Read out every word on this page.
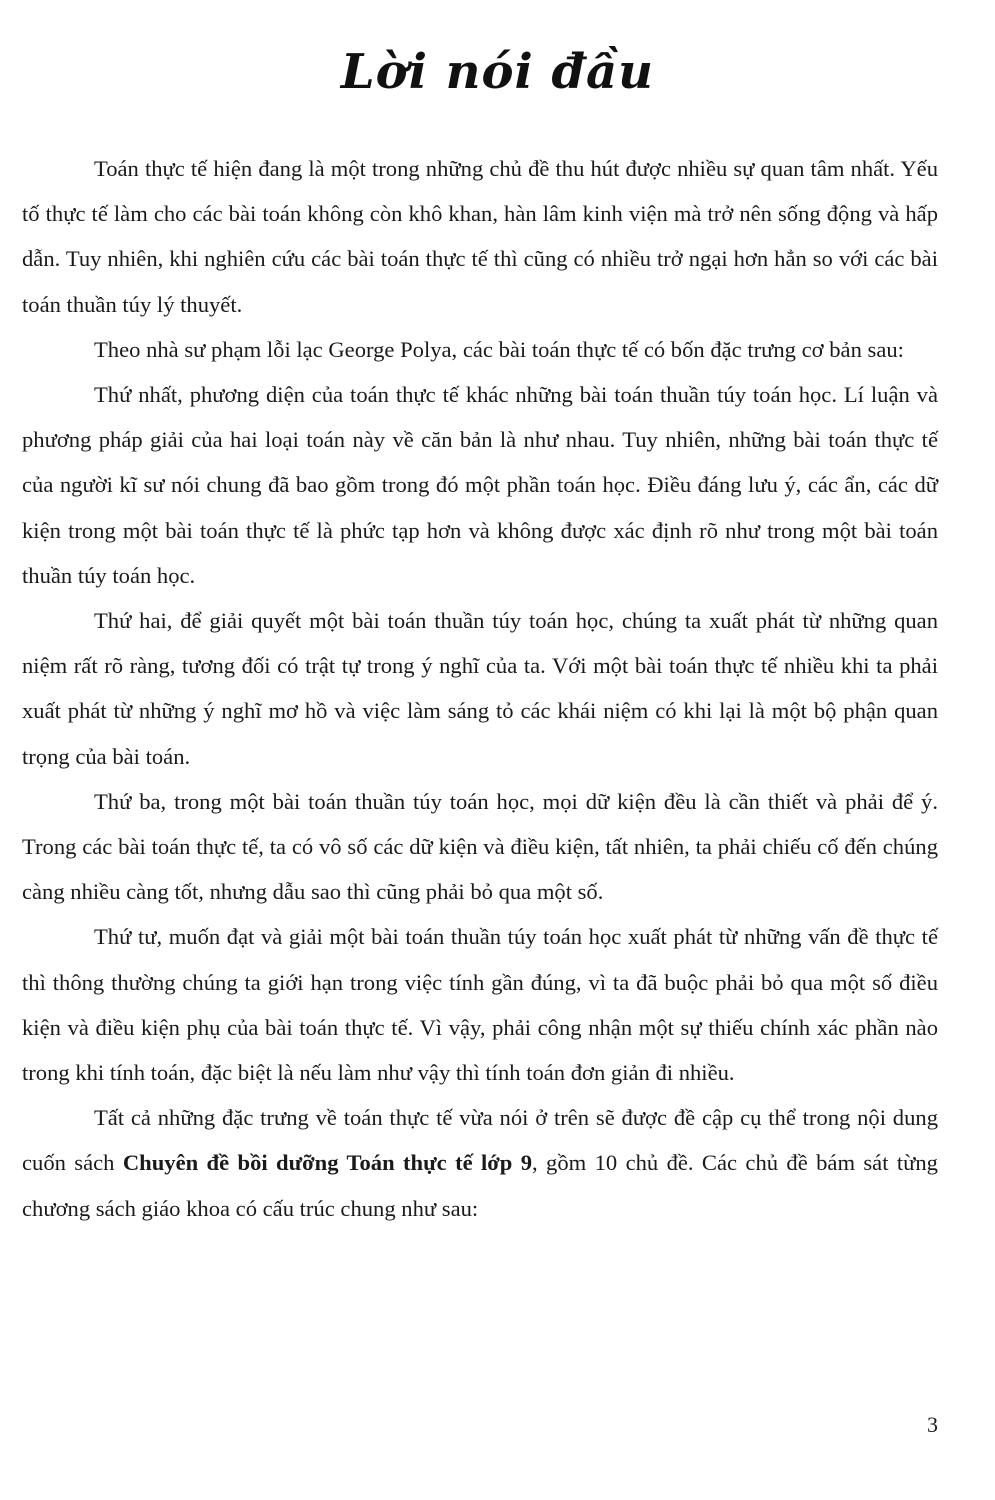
Lời nói đầu

Toán thực tế hiện đang là một trong những chủ đề thu hút được nhiều sự quan tâm nhất. Yếu tố thực tế làm cho các bài toán không còn khô khan, hàn lâm kinh viện mà trở nên sống động và hấp dẫn. Tuy nhiên, khi nghiên cứu các bài toán thực tế thì cũng có nhiều trở ngại hơn hẳn so với các bài toán thuần túy lý thuyết.

Theo nhà sư phạm lỗi lạc George Polya, các bài toán thực tế có bốn đặc trưng cơ bản sau:

Thứ nhất, phương diện của toán thực tế khác những bài toán thuần túy toán học. Lí luận và phương pháp giải của hai loại toán này về căn bản là như nhau. Tuy nhiên, những bài toán thực tế của người kĩ sư nói chung đã bao gồm trong đó một phần toán học. Điều đáng lưu ý, các ẩn, các dữ kiện trong một bài toán thực tế là phức tạp hơn và không được xác định rõ như trong một bài toán thuần túy toán học.

Thứ hai, để giải quyết một bài toán thuần túy toán học, chúng ta xuất phát từ những quan niệm rất rõ ràng, tương đối có trật tự trong ý nghĩ của ta. Với một bài toán thực tế nhiều khi ta phải xuất phát từ những ý nghĩ mơ hồ và việc làm sáng tỏ các khái niệm có khi lại là một bộ phận quan trọng của bài toán.

Thứ ba, trong một bài toán thuần túy toán học, mọi dữ kiện đều là cần thiết và phải để ý. Trong các bài toán thực tế, ta có vô số các dữ kiện và điều kiện, tất nhiên, ta phải chiếu cố đến chúng càng nhiều càng tốt, nhưng dẫu sao thì cũng phải bỏ qua một số.

Thứ tư, muốn đạt và giải một bài toán thuần túy toán học xuất phát từ những vấn đề thực tế thì thông thường chúng ta giới hạn trong việc tính gần đúng, vì ta đã buộc phải bỏ qua một số điều kiện và điều kiện phụ của bài toán thực tế. Vì vậy, phải công nhận một sự thiếu chính xác phần nào trong khi tính toán, đặc biệt là nếu làm như vậy thì tính toán đơn giản đi nhiều.

Tất cả những đặc trưng về toán thực tế vừa nói ở trên sẽ được đề cập cụ thể trong nội dung cuốn sách Chuyên đề bồi dưỡng Toán thực tế lớp 9, gồm 10 chủ đề. Các chủ đề bám sát từng chương sách giáo khoa có cấu trúc chung như sau:

3
